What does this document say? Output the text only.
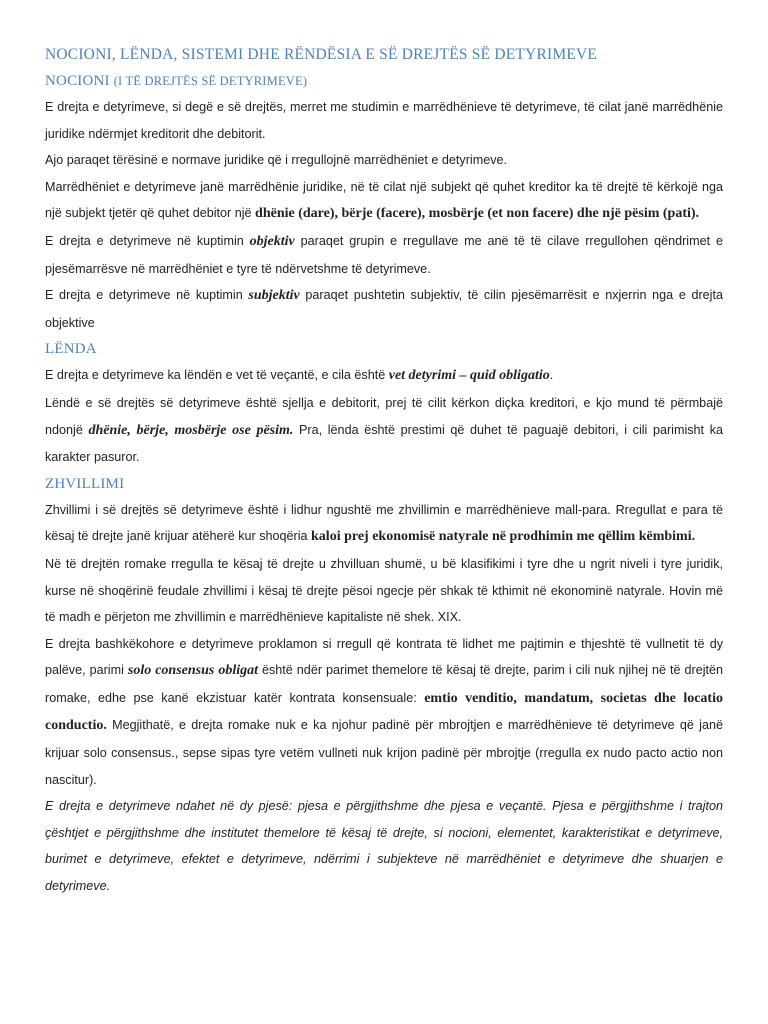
NOCIONI, LËNDA, SISTEMI DHE RËNDËSIA E SË DREJTËS SË DETYRIMEVE
NOCIONI (I TË DREJTËS SË DETYRIMEVE)

E drejta e detyrimeve, si degë e së drejtës, merret me studimin e marrëdhënieve të detyrimeve, të cilat janë marrëdhënie juridike ndërmjet kreditorit dhe debitorit.

Ajo paraqet tërësinë e normave juridike që i rregullojnë marrëdhëniet e detyrimeve.

Marrëdhëniet e detyrimeve janë marrëdhënie juridike, në të cilat një subjekt që quhet kreditor ka të drejtë të kërkojë nga një subjekt tjetër që quhet debitor një dhënie (dare), bërje (facere), mosbërje (et non facere) dhe një pësim (pati).

E drejta e detyrimeve në kuptimin objektiv paraqet grupin e rregullave me anë të të cilave rregullohen qëndrimet e pjesëmarrësve në marrëdhëniet e tyre të ndërvetshme të detyrimeve.

E drejta e detyrimeve në kuptimin subjektiv paraqet pushtetin subjektiv, të cilin pjesëmarrësit e nxjerrin nga e drejta objektive

LËNDA

E drejta e detyrimeve ka lëndën e vet të veçantë, e cila është vet detyrimi – quid obligatio.

Lëndë e së drejtës së detyrimeve është sjellja e debitorit, prej të cilit kërkon diçka kreditori, e kjo mund të përmbajë ndonjë dhënie, bërje, mosbërje ose pësim. Pra, lënda është prestimi që duhet të paguajë debitori, i cili parimisht ka karakter pasuror.

ZHVILLIMI

Zhvillimi i së drejtës së detyrimeve është i lidhur ngushtë me zhvillimin e marrëdhënieve mall-para. Rregullat e para të kësaj të drejte janë krijuar atëherë kur shoqëria kaloi prej ekonomisë natyrale në prodhimin me qëllim këmbimi.

Në të drejtën romake rregulla te kësaj të drejte u zhvilluan shumë, u bë klasifikimi i tyre dhe u ngrit niveli i tyre juridik, kurse në shoqërinë feudale zhvillimi i kësaj të drejte pësoi ngecje për shkak të kthimit në ekonominë natyrale. Hovin më të madh e përjeton me zhvillimin e marrëdhënieve kapitaliste në shek. XIX.

E drejta bashkëkohore e detyrimeve proklamon si rregull që kontrata të lidhet me pajtimin e thjeshtë të vullnetit të dy palëve, parimi solo consensus obligat është ndër parimet themelore të kësaj të drejte, parim i cili nuk njihej në të drejtën romake, edhe pse kanë ekzistuar katër kontrata konsensuale: emtio venditio, mandatum, societas dhe locatio conductio. Megjithatë, e drejta romake nuk e ka njohur padinë për mbrojtjen e marrëdhënieve të detyrimeve që janë krijuar solo consensus., sepse sipas tyre vetëm vullneti nuk krijon padinë për mbrojtje (rregulla ex nudo pacto actio non nascitur).

E drejta e detyrimeve ndahet në dy pjesë: pjesa e përgjithshme dhe pjesa e veçantë. Pjesa e përgjithshme i trajton çështjet e përgjithshme dhe institutet themelore të kësaj të drejte, si nocioni, elementet, karakteristikat e detyrimeve, burimet e detyrimeve, efektet e detyrimeve, ndërrimi i subjekteve në marrëdhëniet e detyrimeve dhe shuarjen e detyrimeve.
